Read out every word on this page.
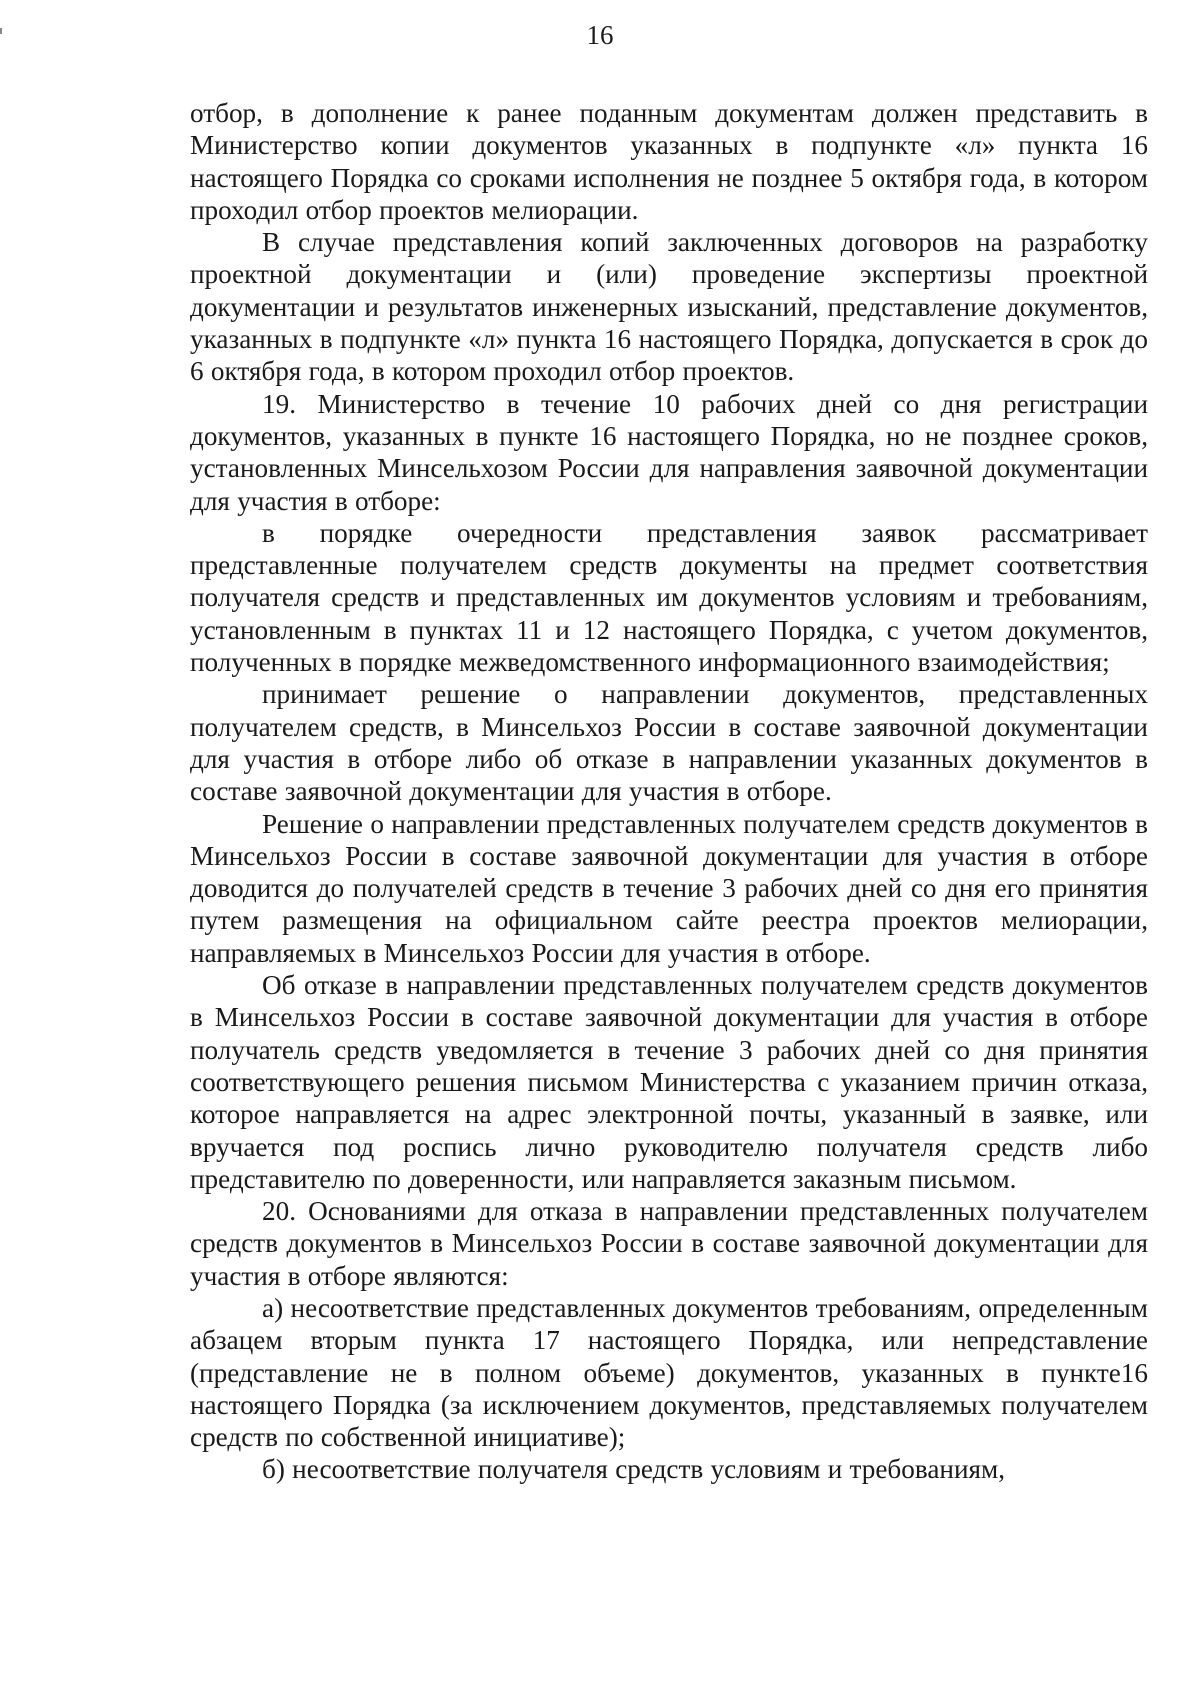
16

отбор, в дополнение к ранее поданным документам должен представить в Министерство копии документов указанных в подпункте «л» пункта 16 настоящего Порядка со сроками исполнения не позднее 5 октября года, в котором проходил отбор проектов мелиорации.

В случае представления копий заключенных договоров на разработку проектной документации и (или) проведение экспертизы проектной документации и результатов инженерных изысканий, представление документов, указанных в подпункте «л» пункта 16 настоящего Порядка, допускается в срок до 6 октября года, в котором проходил отбор проектов.

19. Министерство в течение 10 рабочих дней со дня регистрации документов, указанных в пункте 16 настоящего Порядка, но не позднее сроков, установленных Минсельхозом России для направления заявочной документации для участия в отборе:

в порядке очередности представления заявок рассматривает представленные получателем средств документы на предмет соответствия получателя средств и представленных им документов условиям и требованиям, установленным в пунктах 11 и 12 настоящего Порядка, с учетом документов, полученных в порядке межведомственного информационного взаимодействия;

принимает решение о направлении документов, представленных получателем средств, в Минсельхоз России в составе заявочной документации для участия в отборе либо об отказе в направлении указанных документов в составе заявочной документации для участия в отборе.

Решение о направлении представленных получателем средств документов в Минсельхоз России в составе заявочной документации для участия в отборе доводится до получателей средств в течение 3 рабочих дней со дня его принятия путем размещения на официальном сайте реестра проектов мелиорации, направляемых в Минсельхоз России для участия в отборе.

Об отказе в направлении представленных получателем средств документов в Минсельхоз России в составе заявочной документации для участия в отборе получатель средств уведомляется в течение 3 рабочих дней со дня принятия соответствующего решения письмом Министерства с указанием причин отказа, которое направляется на адрес электронной почты, указанный в заявке, или вручается под роспись лично руководителю получателя средств либо представителю по доверенности, или направляется заказным письмом.

20. Основаниями для отказа в направлении представленных получателем средств документов в Минсельхоз России в составе заявочной документации для участия в отборе являются:

а) несоответствие представленных документов требованиям, определенным абзацем вторым пункта 17 настоящего Порядка, или непредставление (представление не в полном объеме) документов, указанных в пункте16 настоящего Порядка (за исключением документов, представляемых получателем средств по собственной инициативе);

б) несоответствие получателя средств условиям и требованиям,
